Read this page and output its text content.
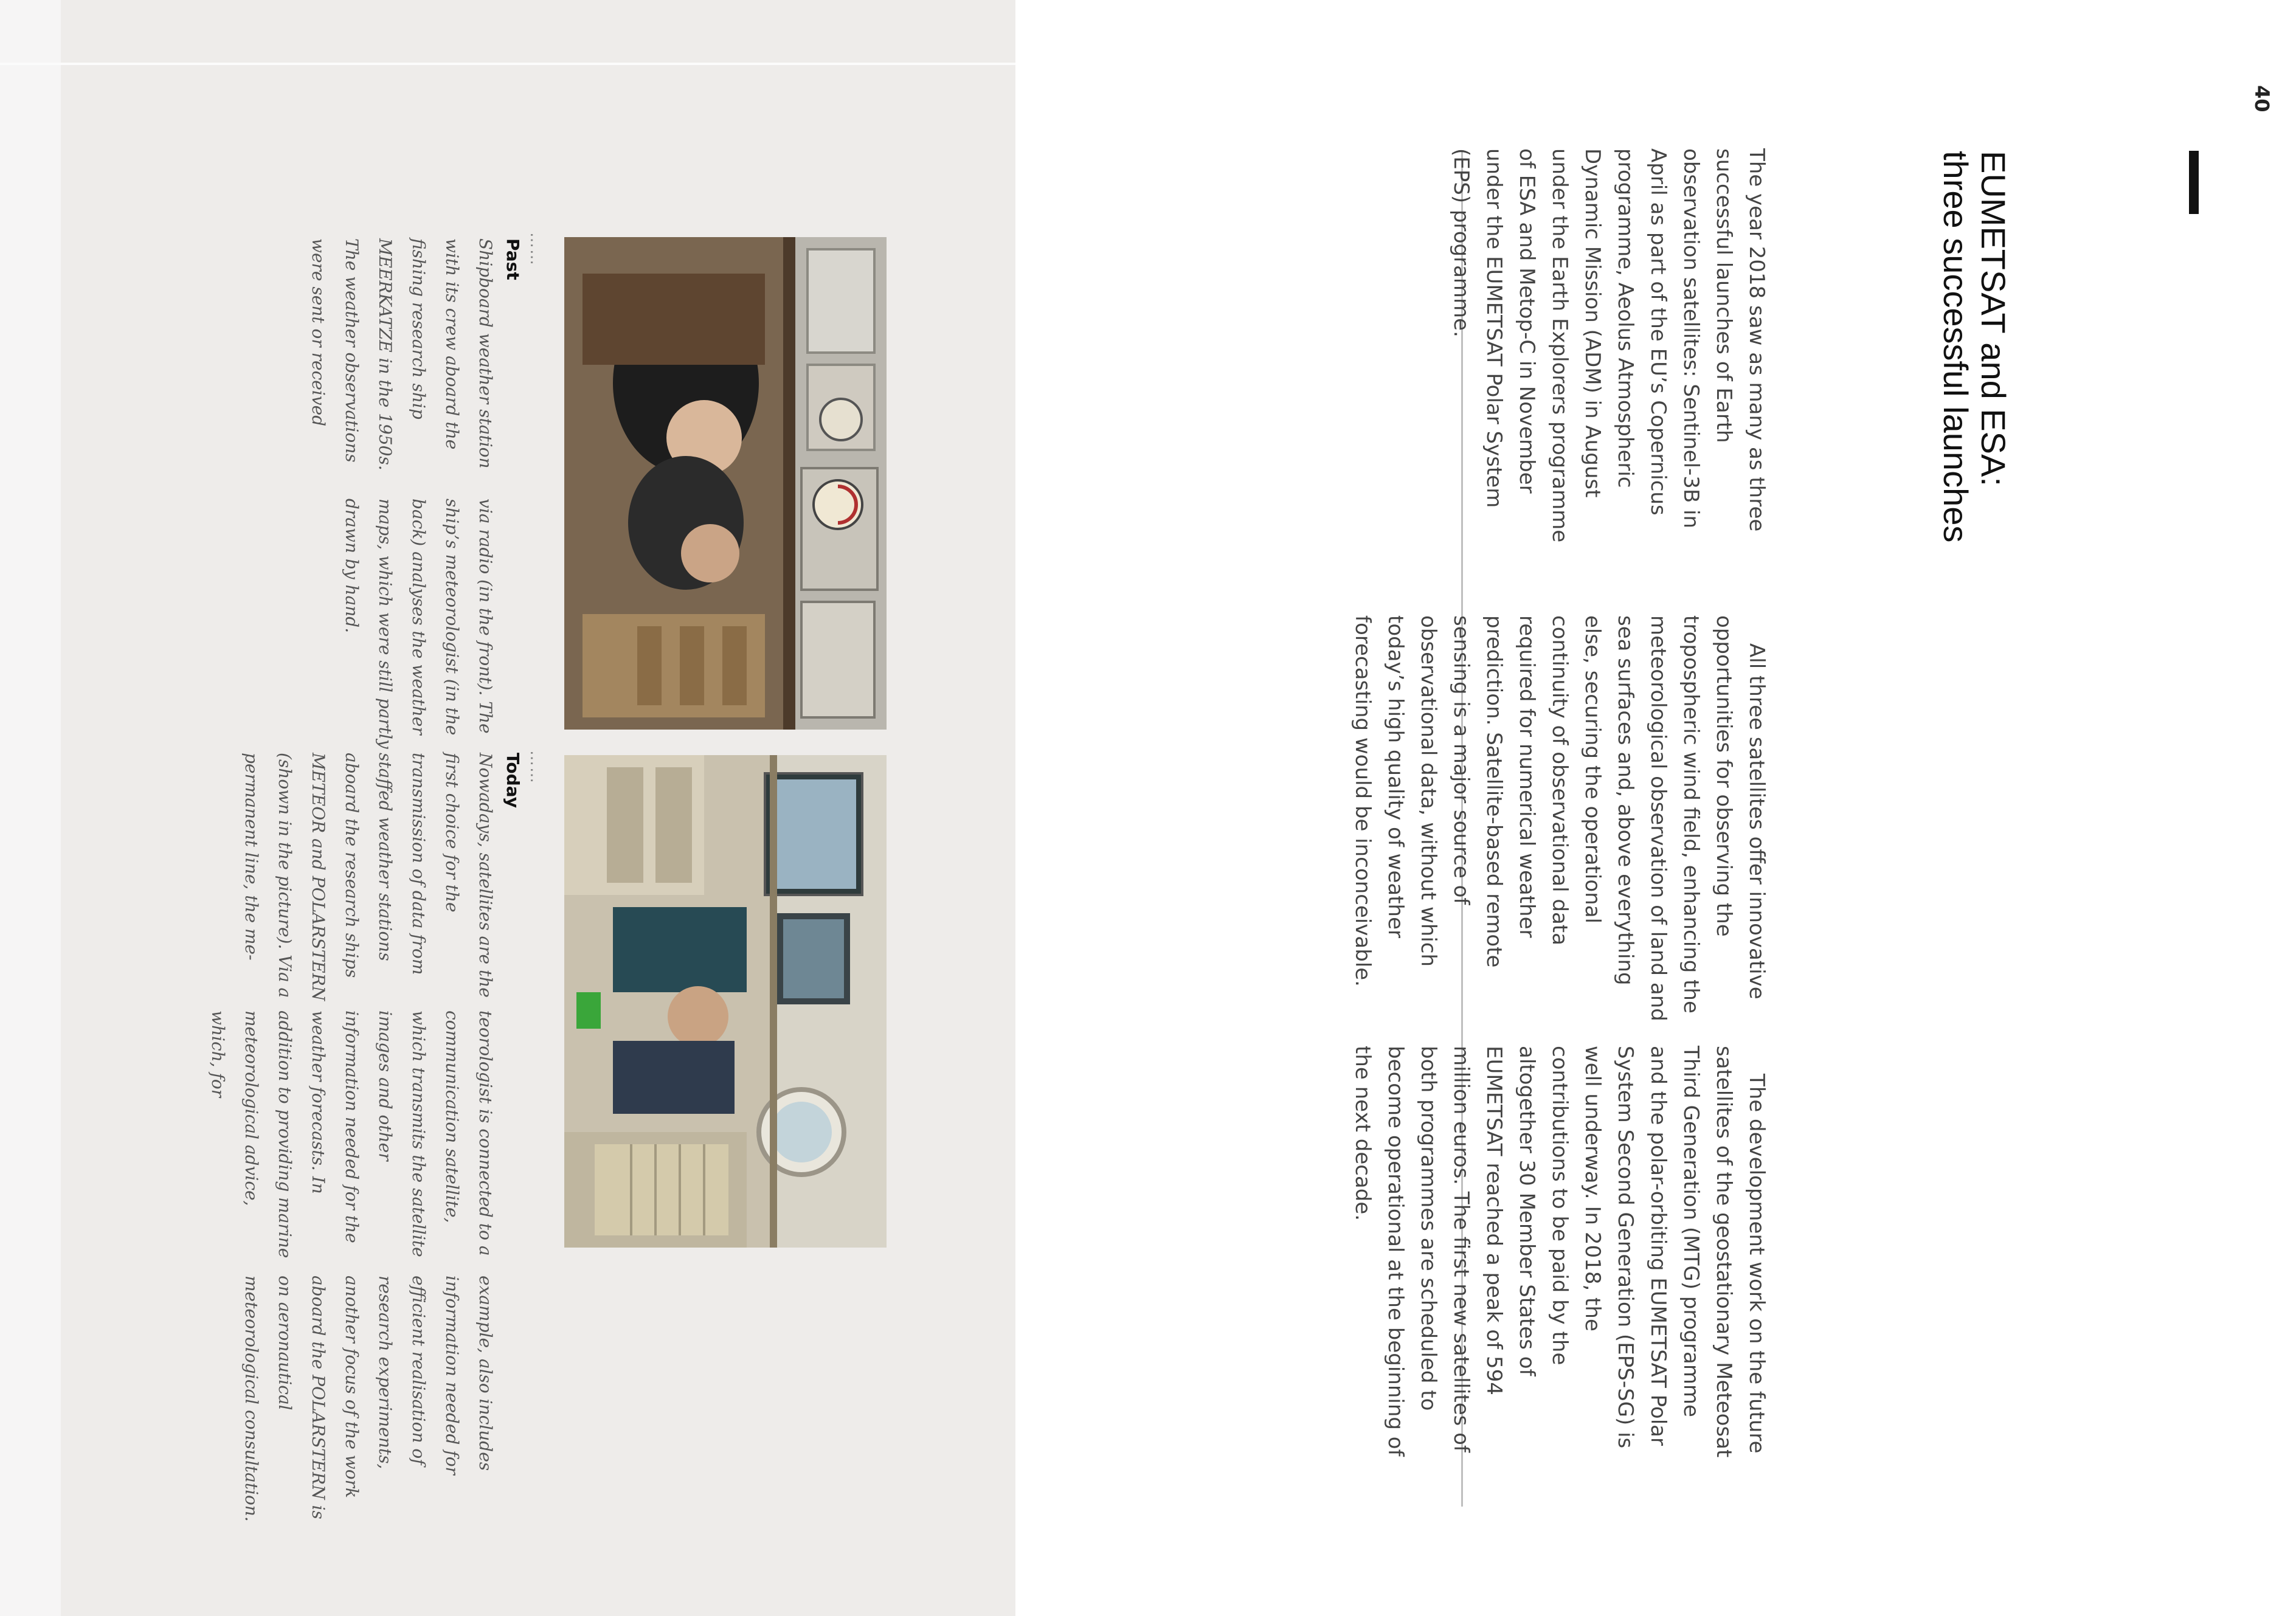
40
EUMETSAT and ESA:
three successful launches

The year 2018 saw as many as three successful launches of Earth observation satellites: Sentinel-3B in April as part of the EU’s Copernicus programme, Aeolus Atmospheric Dynamic Mission (ADM) in August under the Earth Explorers programme of ESA and Metop-C in November under the EUMETSAT Polar System (EPS) programme.

All three satellites offer innovative opportunities for observing the tropospheric wind field, enhancing the meteorological observation of land and sea surfaces and, above everything else, securing the operational continuity of observational data required for numerical weather prediction. Satellite-based remote sensing is a major source of observational data, without which today’s high quality of weather forecasting would be inconceivable.

The development work on the future satellites of the geostationary Meteosat Third Generation (MTG) programme and the polar-orbiting EUMETSAT Polar System Second Generation (EPS-SG) is well underway. In 2018, the contributions to be paid by the altogether 30 Member States of EUMETSAT reached a peak of 594 million euros. The first new satellites of both programmes are scheduled to become operational at the beginning of the next decade.

……
……
Past
Today

Shipboard weather station with its crew aboard the fishing research ship MEERKATZE in the 1950s. The weather observations were sent or received

via radio (in the front). The ship’s meteorologist (in the back) analyses the weather maps, which were still partly drawn by hand.

Nowadays, satellites are the first choice for the transmission of data from staffed weather stations aboard the research ships METEOR and POLARSTERN (shown in the picture). Via a permanent line, the me-

teorologist is connected to a communication satellite, which transmits the satellite images and other information needed for the weather forecasts. In addition to providing marine meteorological advice, which, for

example, also includes information needed for efficient realisation of research experiments, another focus of the work aboard the POLARSTERN is on aeronautical meteorological consultation.
